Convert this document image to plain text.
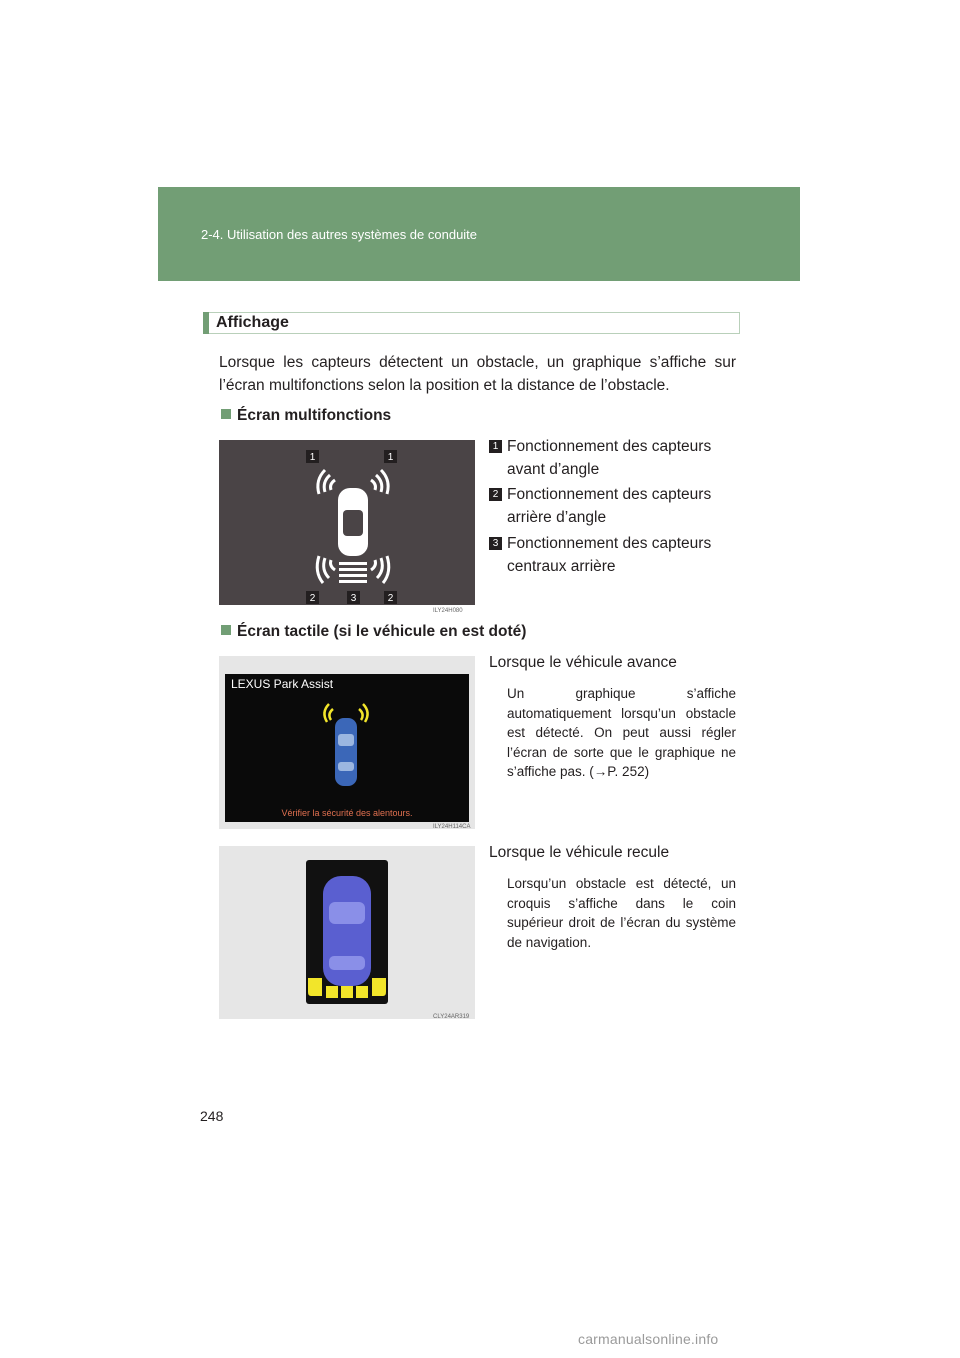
2-4. Utilisation des autres systèmes de conduite
Affichage
Lorsque les capteurs détectent un obstacle, un graphique s’affiche sur l’écran multifonctions selon la position et la distance de l’obstacle.
Écran multifonctions
1	1
2	3	2
ILY24H080
1 Fonctionnement des capteurs
avant d’angle
2 Fonctionnement des capteurs
arrière d’angle
3 Fonctionnement des capteurs
centraux arrière
Écran tactile (si le véhicule en est doté)
LEXUS Park Assist
Vérifier la sécurité des alentours.
ILY24H114CA
Lorsque le véhicule avance
Un graphique s’affiche automatiquement lorsqu’un obstacle est détecté. On peut aussi régler l’écran de sorte que le graphique ne s’affiche pas. (→P. 252)
CLY24AR319
Lorsque le véhicule recule
Lorsqu’un obstacle est détecté, un croquis s’affiche dans le coin supérieur droit de l’écran du système de navigation.
248
carmanualsonline.info
